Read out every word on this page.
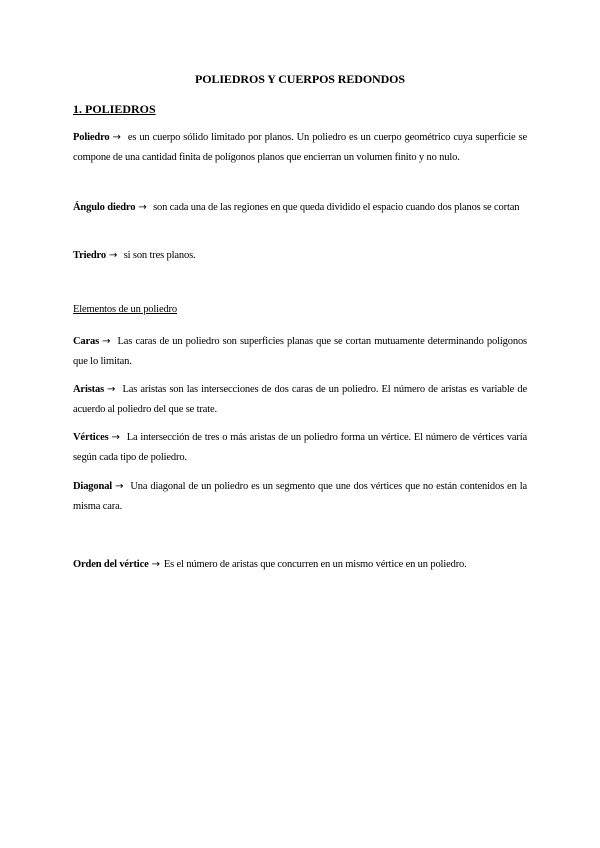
POLIEDROS Y CUERPOS REDONDOS
1. POLIEDROS
Poliedro → es un cuerpo sólido limitado por planos. Un poliedro es un cuerpo geométrico cuya superficie se compone de una cantidad finita de polígonos planos que encierran un volumen finito y no nulo.
Ángulo diedro → son cada una de las regiones en que queda dividido el espacio cuando dos planos se cortan
Triedro → si son tres planos.
Elementos de un poliedro
Caras → Las caras de un poliedro son superficies planas que se cortan mutuamente determinando polígonos que lo limitan.
Aristas → Las aristas son las intersecciones de dos caras de un poliedro. El número de aristas es variable de acuerdo al poliedro del que se trate.
Vértices → La intersección de tres o más aristas de un poliedro forma un vértice. El número de vértices varía según cada tipo de poliedro.
Diagonal → Una diagonal de un poliedro es un segmento que une dos vértices que no están contenidos en la misma cara.
Orden del vértice → Es el número de aristas que concurren en un mismo vértice en un poliedro.
